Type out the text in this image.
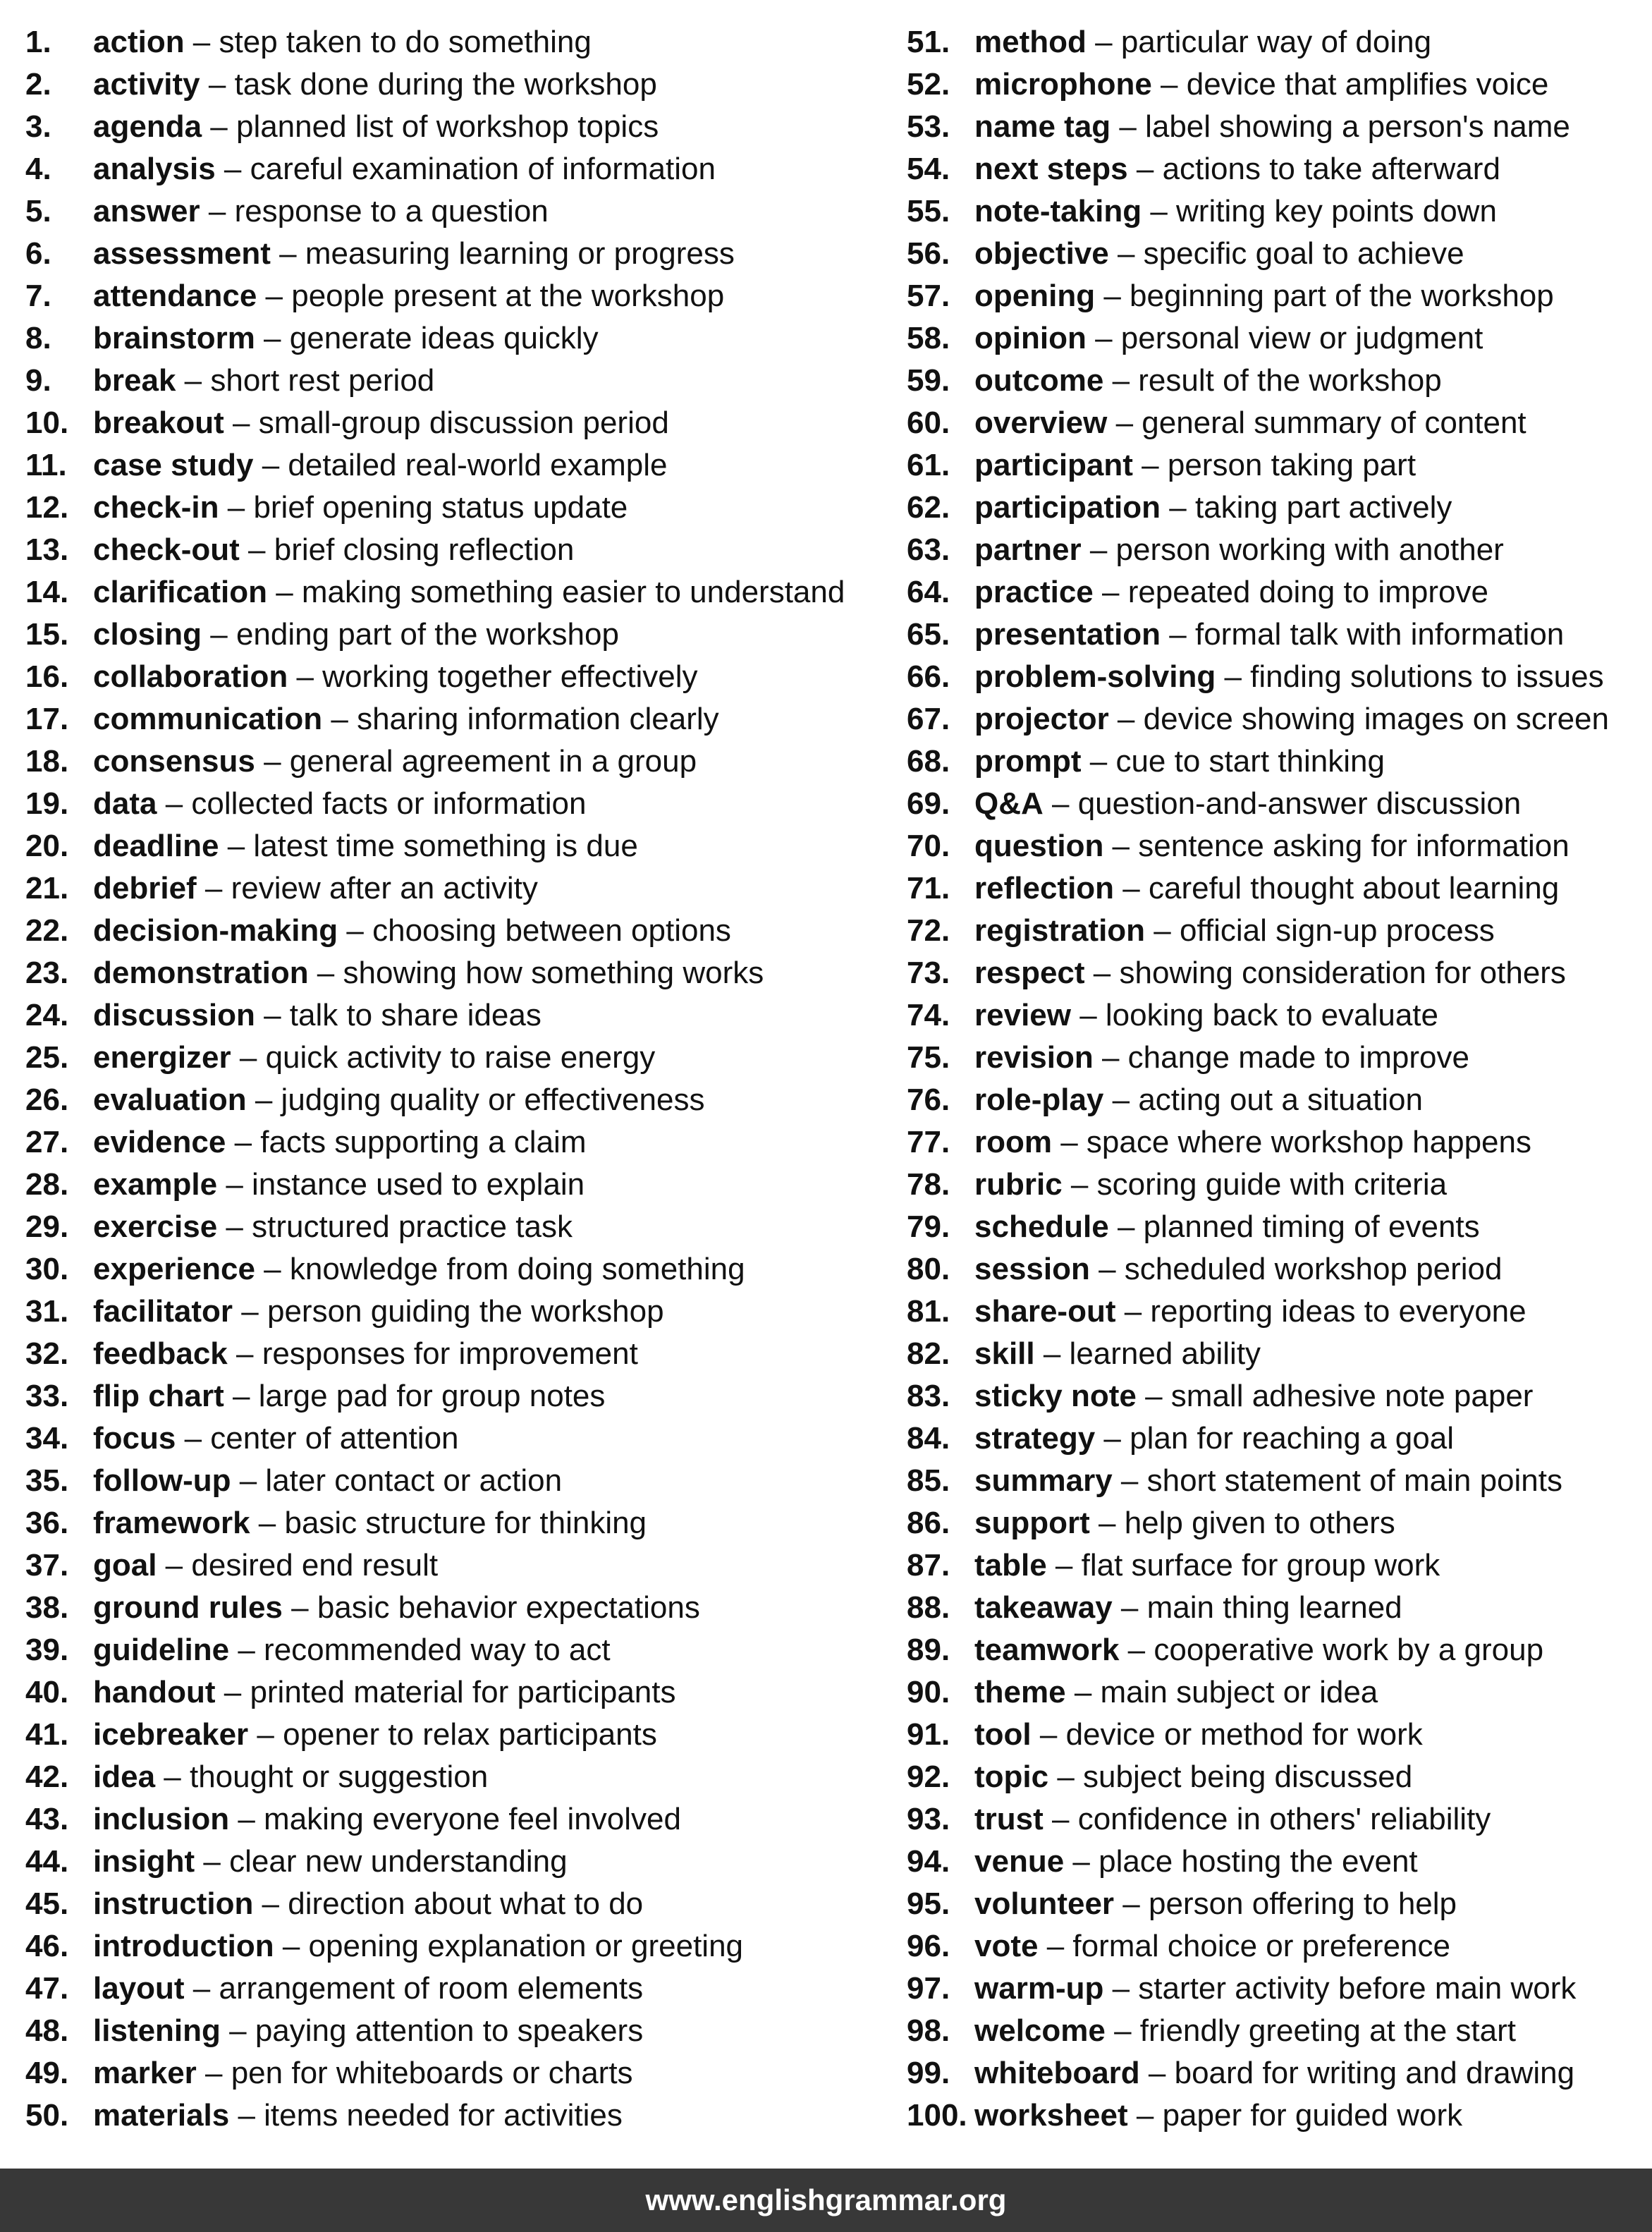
1. action – step taken to do something
2. activity – task done during the workshop
3. agenda – planned list of workshop topics
4. analysis – careful examination of information
5. answer – response to a question
6. assessment – measuring learning or progress
7. attendance – people present at the workshop
8. brainstorm – generate ideas quickly
9. break – short rest period
10. breakout – small-group discussion period
11. case study – detailed real-world example
12. check-in – brief opening status update
13. check-out – brief closing reflection
14. clarification – making something easier to understand
15. closing – ending part of the workshop
16. collaboration – working together effectively
17. communication – sharing information clearly
18. consensus – general agreement in a group
19. data – collected facts or information
20. deadline – latest time something is due
21. debrief – review after an activity
22. decision-making – choosing between options
23. demonstration – showing how something works
24. discussion – talk to share ideas
25. energizer – quick activity to raise energy
26. evaluation – judging quality or effectiveness
27. evidence – facts supporting a claim
28. example – instance used to explain
29. exercise – structured practice task
30. experience – knowledge from doing something
31. facilitator – person guiding the workshop
32. feedback – responses for improvement
33. flip chart – large pad for group notes
34. focus – center of attention
35. follow-up – later contact or action
36. framework – basic structure for thinking
37. goal – desired end result
38. ground rules – basic behavior expectations
39. guideline – recommended way to act
40. handout – printed material for participants
41. icebreaker – opener to relax participants
42. idea – thought or suggestion
43. inclusion – making everyone feel involved
44. insight – clear new understanding
45. instruction – direction about what to do
46. introduction – opening explanation or greeting
47. layout – arrangement of room elements
48. listening – paying attention to speakers
49. marker – pen for whiteboards or charts
50. materials – items needed for activities
51. method – particular way of doing
52. microphone – device that amplifies voice
53. name tag – label showing a person's name
54. next steps – actions to take afterward
55. note-taking – writing key points down
56. objective – specific goal to achieve
57. opening – beginning part of the workshop
58. opinion – personal view or judgment
59. outcome – result of the workshop
60. overview – general summary of content
61. participant – person taking part
62. participation – taking part actively
63. partner – person working with another
64. practice – repeated doing to improve
65. presentation – formal talk with information
66. problem-solving – finding solutions to issues
67. projector – device showing images on screen
68. prompt – cue to start thinking
69. Q&A – question-and-answer discussion
70. question – sentence asking for information
71. reflection – careful thought about learning
72. registration – official sign-up process
73. respect – showing consideration for others
74. review – looking back to evaluate
75. revision – change made to improve
76. role-play – acting out a situation
77. room – space where workshop happens
78. rubric – scoring guide with criteria
79. schedule – planned timing of events
80. session – scheduled workshop period
81. share-out – reporting ideas to everyone
82. skill – learned ability
83. sticky note – small adhesive note paper
84. strategy – plan for reaching a goal
85. summary – short statement of main points
86. support – help given to others
87. table – flat surface for group work
88. takeaway – main thing learned
89. teamwork – cooperative work by a group
90. theme – main subject or idea
91. tool – device or method for work
92. topic – subject being discussed
93. trust – confidence in others' reliability
94. venue – place hosting the event
95. volunteer – person offering to help
96. vote – formal choice or preference
97. warm-up – starter activity before main work
98. welcome – friendly greeting at the start
99. whiteboard – board for writing and drawing
100. worksheet – paper for guided work
www.englishgrammar.org
